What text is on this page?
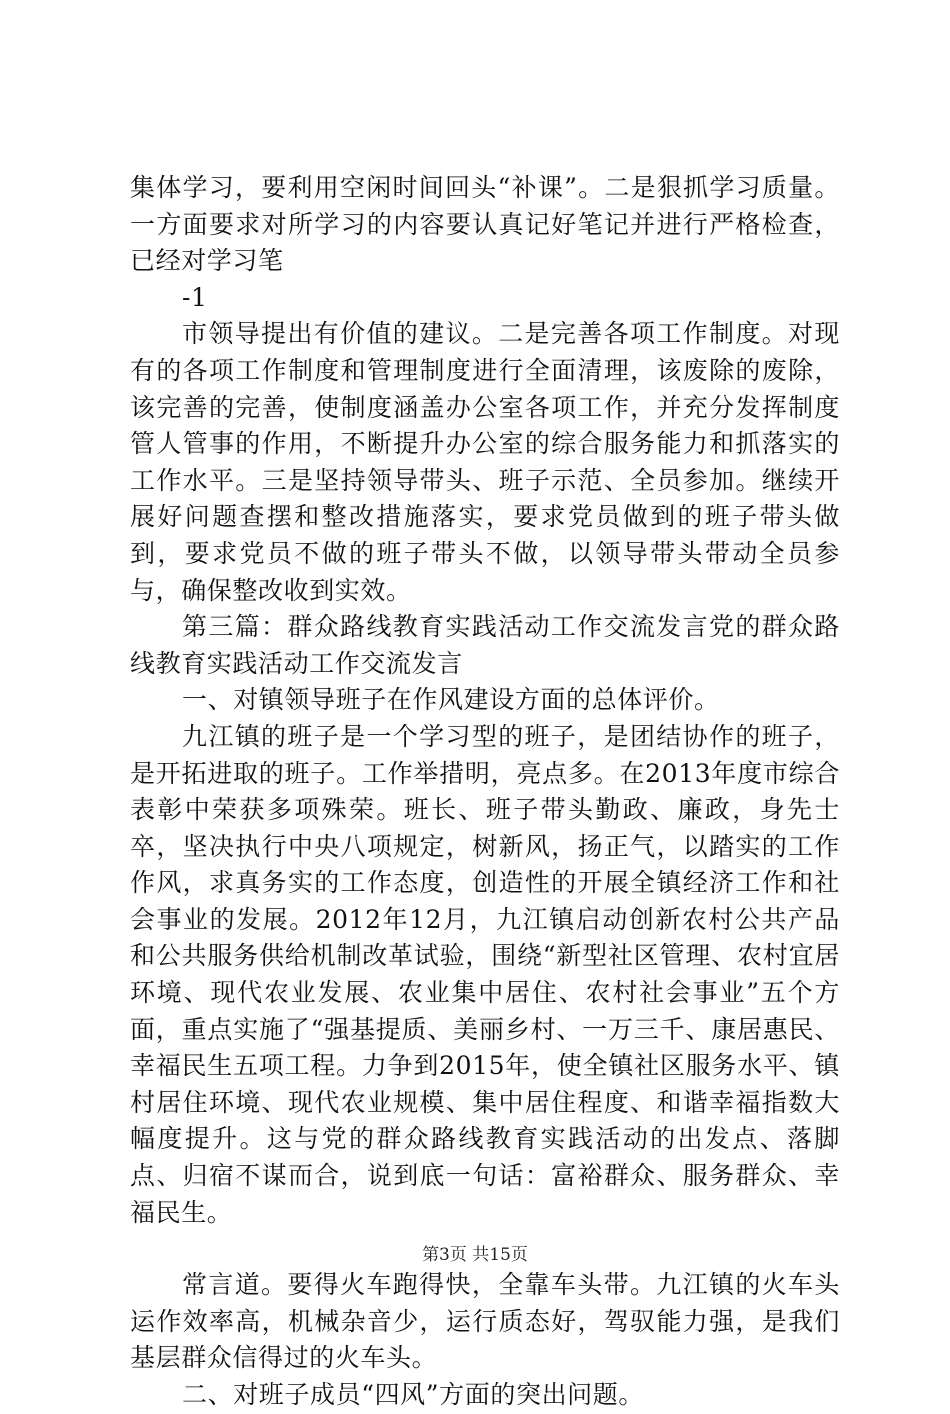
集体学习，要利用空闲时间回头“补课”。二是狠抓学习质量。一方面要求对所学习的内容要认真记好笔记并进行严格检查，已经对学习笔

-1

市领导提出有价值的建议。二是完善各项工作制度。对现有的各项工作制度和管理制度进行全面清理，该废除的废除，该完善的完善，使制度涵盖办公室各项工作，并充分发挥制度管人管事的作用，不断提升办公室的综合服务能力和抓落实的工作水平。三是坚持领导带头、班子示范、全员参加。继续开展好问题查摆和整改措施落实，要求党员做到的班子带头做到，要求党员不做的班子带头不做，以领导带头带动全员参与，确保整改收到实效。

第三篇：群众路线教育实践活动工作交流发言党的群众路线教育实践活动工作交流发言

一、对镇领导班子在作风建设方面的总体评价。

九江镇的班子是一个学习型的班子，是团结协作的班子，是开拓进取的班子。工作举措明，亮点多。在2013年度市综合表彰中荣获多项殊荣。班长、班子带头勤政、廉政，身先士卒，坚决执行中央八项规定，树新风，扬正气，以踏实的工作作风，求真务实的工作态度，创造性的开展全镇经济工作和社会事业的发展。2012年12月，九江镇启动创新农村公共产品和公共服务供给机制改革试验，围绕“新型社区管理、农村宜居环境、现代农业发展、农业集中居住、农村社会事业”五个方面，重点实施了“强基提质、美丽乡村、一万三千、康居惠民、幸福民生五项工程。力争到2015年，使全镇社区服务水平、镇村居住环境、现代农业规模、集中居住程度、和谐幸福指数大幅度提升。这与党的群众路线教育实践活动的出发点、落脚点、归宿不谋而合，说到底一句话：富裕群众、服务群众、幸福民生。

常言道。要得火车跑得快，全靠车头带。九江镇的火车头运作效率高，机械杂音少，运行质态好，驾驭能力强，是我们基层群众信得过的火车头。

二、对班子成员“四风”方面的突出问题。

第3页 共15页
